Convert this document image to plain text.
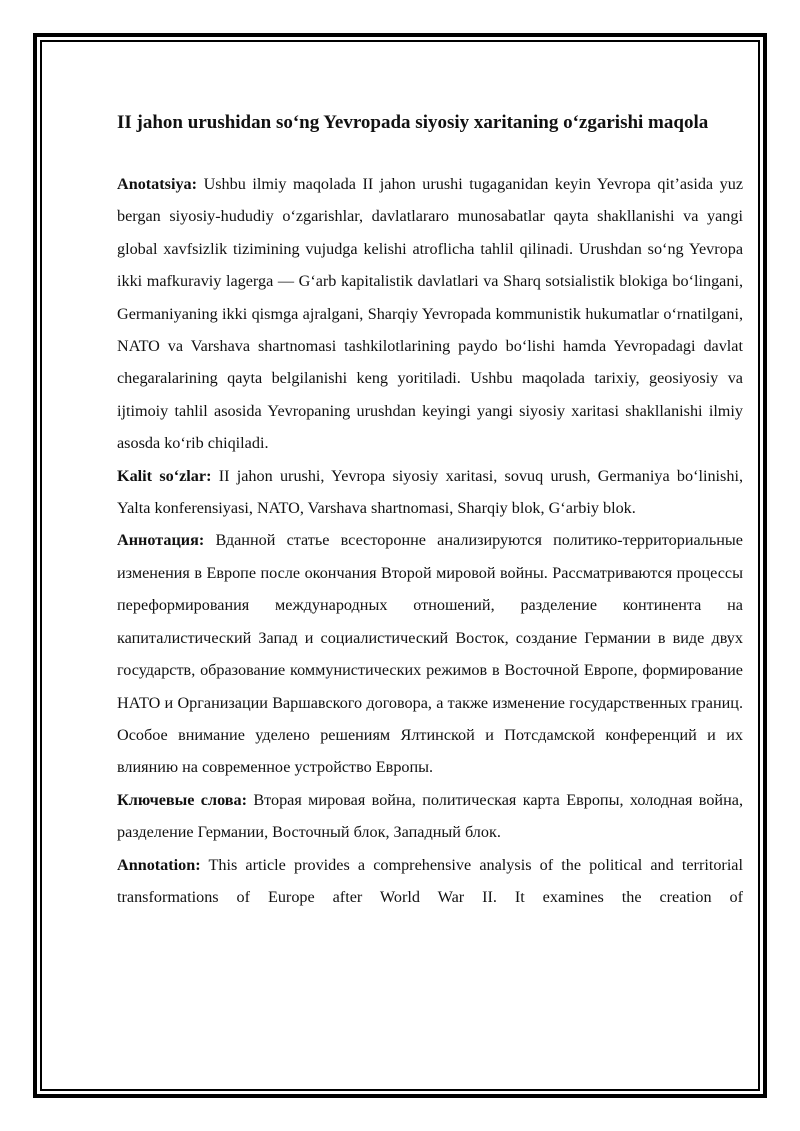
II jahon urushidan so‘ng Yevropada siyosiy xaritaning o‘zgarishi maqola

Anotatsiya: Ushbu ilmiy maqolada II jahon urushi tugaganidan keyin Yevropa qit’asida yuz bergan siyosiy-hududiy o‘zgarishlar, davlatlararo munosabatlar qayta shakllanishi va yangi global xavfsizlik tizimining vujudga kelishi atroflicha tahlil qilinadi. Urushdan so‘ng Yevropa ikki mafkuraviy lagerga — G‘arb kapitalistik davlatlari va Sharq sotsialistik blokiga bo‘lingani, Germaniyaning ikki qismga ajralgani, Sharqiy Yevropada kommunistik hukumatlar o‘rnatilgani, NATO va Varshava shartnomasi tashkilotlarining paydo bo‘lishi hamda Yevropadagi davlat chegaralarining qayta belgilanishi keng yoritiladi. Ushbu maqolada tarixiy, geosiyosiy va ijtimoiy tahlil asosida Yevropaning urushdan keyingi yangi siyosiy xaritasi shakllanishi ilmiy asosda ko‘rib chiqiladi.

Kalit so‘zlar: II jahon urushi, Yevropa siyosiy xaritasi, sovuq urush, Germaniya bo‘linishi, Yalta konferensiyasi, NATO, Varshava shartnomasi, Sharqiy blok, G‘arbiy blok.

Аннотация: Вданной статье всесторонне анализируются политико-территориальные изменения в Европе после окончания Второй мировой войны. Рассматриваются процессы переформирования международных отношений, разделение континента на капиталистический Запад и социалистический Восток, создание Германии в виде двух государств, образование коммунистических режимов в Восточной Европе, формирование НАТО и Организации Варшавского договора, а также изменение государственных границ. Особое внимание уделено решениям Ялтинской и Потсдамской конференций и их влиянию на современное устройство Европы.

Ключевые слова: Вторая мировая война, политическая карта Европы, холодная война, разделение Германии, Восточный блок, Западный блок.

Annotation: This article provides a comprehensive analysis of the political and territorial transformations of Europe after World War II. It examines the creation of
